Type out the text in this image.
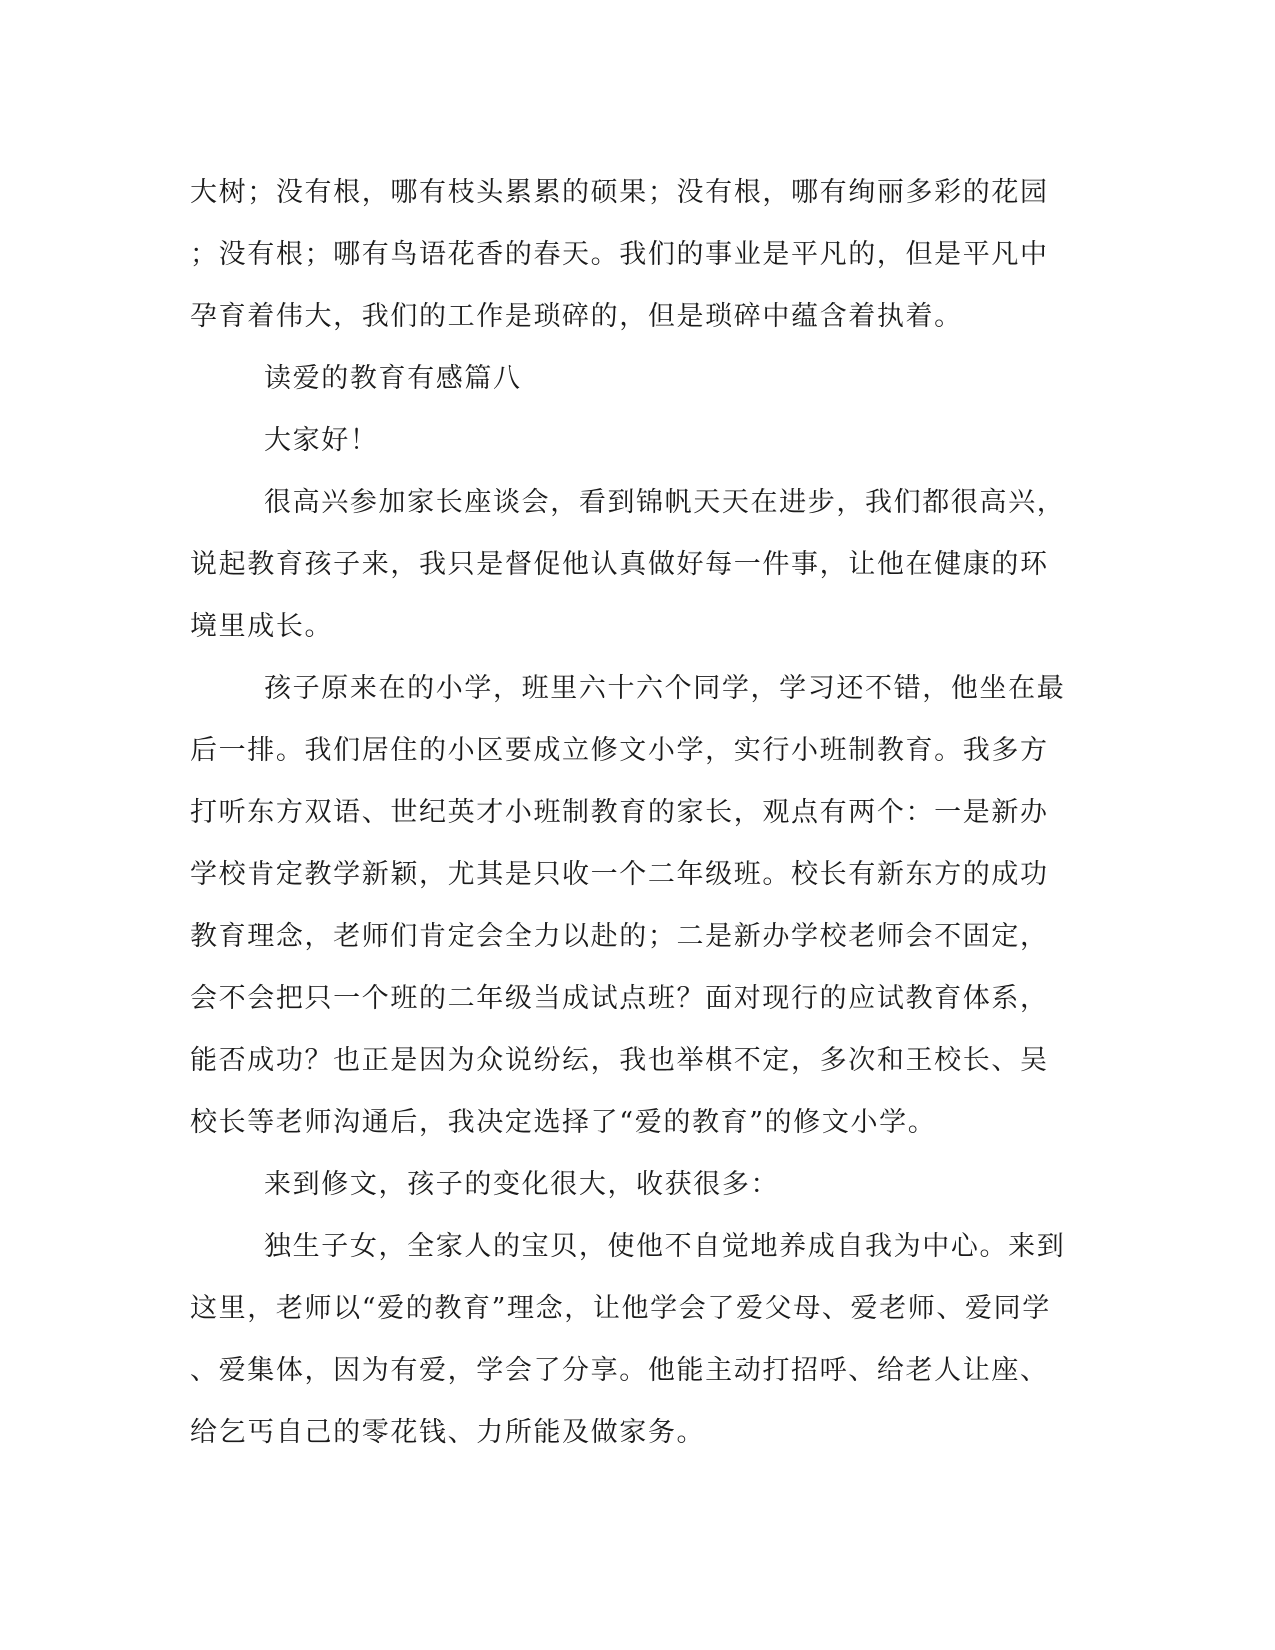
大树；没有根，哪有枝头累累的硕果；没有根，哪有绚丽多彩的花园
；没有根；哪有鸟语花香的春天。我们的事业是平凡的，但是平凡中
孕育着伟大，我们的工作是琐碎的，但是琐碎中蕴含着执着。
读爱的教育有感篇八
大家好！
很高兴参加家长座谈会，看到锦帆天天在进步，我们都很高兴，
说起教育孩子来，我只是督促他认真做好每一件事，让他在健康的环
境里成长。
孩子原来在的小学，班里六十六个同学，学习还不错，他坐在最
后一排。我们居住的小区要成立修文小学，实行小班制教育。我多方
打听东方双语、世纪英才小班制教育的家长，观点有两个：一是新办
学校肯定教学新颖，尤其是只收一个二年级班。校长有新东方的成功
教育理念，老师们肯定会全力以赴的；二是新办学校老师会不固定，
会不会把只一个班的二年级当成试点班？面对现行的应试教育体系，
能否成功？也正是因为众说纷纭，我也举棋不定，多次和王校长、吴
校长等老师沟通后，我决定选择了“爱的教育”的修文小学。
来到修文，孩子的变化很大，收获很多：
独生子女，全家人的宝贝，使他不自觉地养成自我为中心。来到
这里，老师以“爱的教育”理念，让他学会了爱父母、爱老师、爱同学
、爱集体，因为有爱，学会了分享。他能主动打招呼、给老人让座、
给乞丐自己的零花钱、力所能及做家务。
